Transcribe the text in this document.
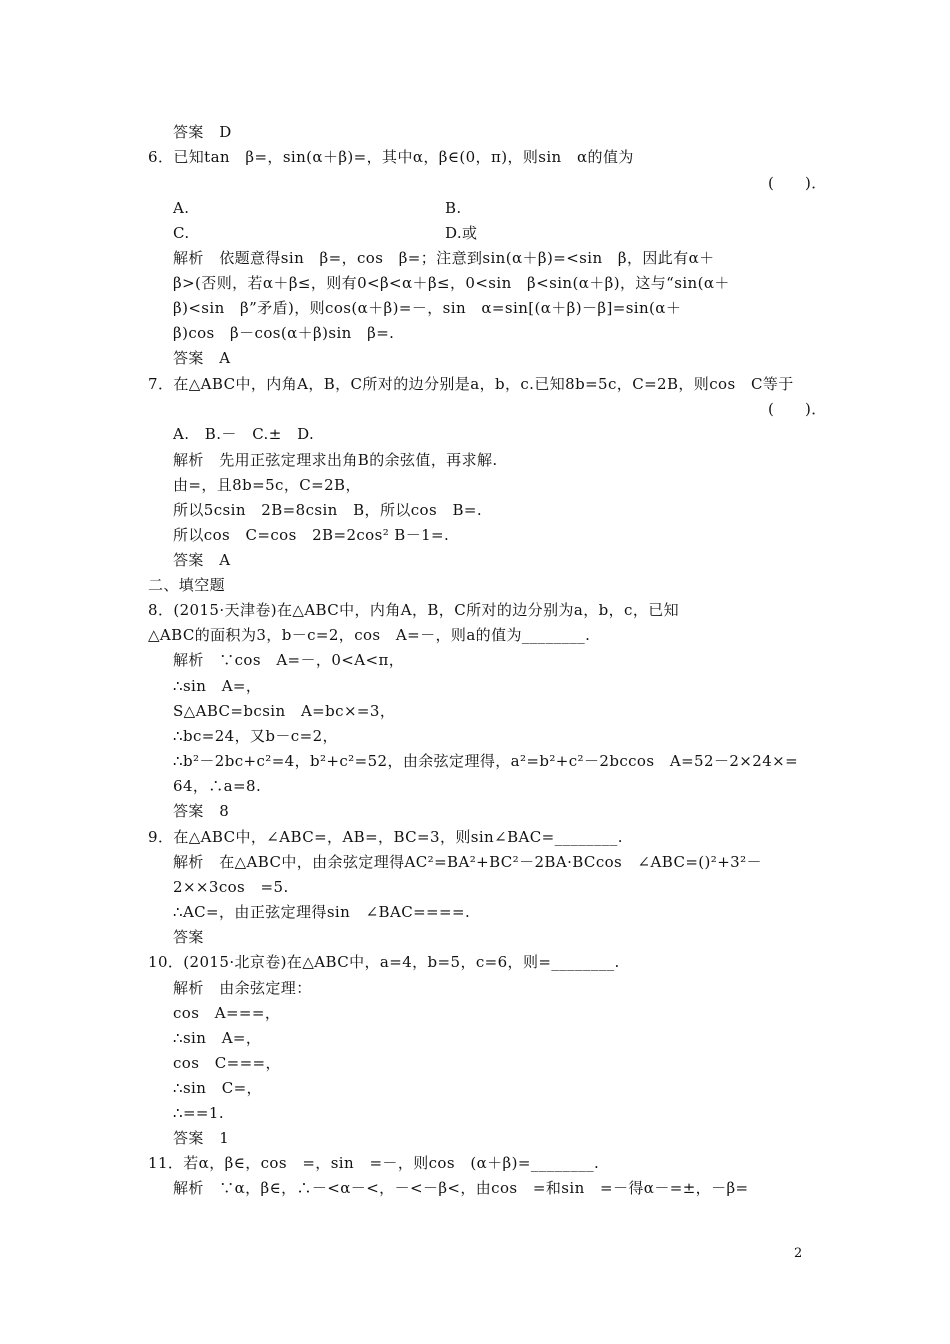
答案　D
6．已知tan　β=，sin(α＋β)=，其中α，β∈(0，π)，则sin　α的值为
(　　)．
A.	B.
C.	D.或
解析　依题意得sin　β=，cos　β=；注意到sin(α＋β)=<sin　β，因此有α＋
β>(否则，若α＋β≤，则有0<β<α＋β≤，0<sin　β<sin(α＋β)，这与“sin(α＋
β)<sin　β”矛盾)，则cos(α＋β)=－，sin　α=sin[(α＋β)－β]=sin(α＋
β)cos　β－cos(α＋β)sin　β=.
答案　A
7．在△ABC中，内角A，B，C所对的边分别是a，b，c.已知8b=5c，C=2B，则cos　C等于
(　　)．
A.　B.－　C.±　D.
解析　先用正弦定理求出角B的余弦值，再求解.
由=，且8b=5c，C=2B，
所以5csin　2B=8csin　B，所以cos　B=.
所以cos　C=cos　2B=2cos² B－1=.
答案　A
二、填空题
8．(2015·天津卷)在△ABC中，内角A，B，C所对的边分别为a，b，c，已知
△ABC的面积为3，b－c=2，cos　A=－，则a的值为________.
解析　∵cos　A=－，0<A<π，
∴sin　A=，
S△ABC=bcsin　A=bc×=3，
∴bc=24，又b－c=2，
∴b²－2bc+c²=4，b²+c²=52，由余弦定理得，a²=b²+c²－2bccos　A=52－2×24×=
64，∴a=8.
答案　8
9．在△ABC中，∠ABC=，AB=，BC=3，则sin∠BAC=________.
解析　在△ABC中，由余弦定理得AC²=BA²+BC²－2BA·BCcos　∠ABC=()²+3²－
2××3cos　=5.
∴AC=，由正弦定理得sin　∠BAC====.
答案
10．(2015·北京卷)在△ABC中，a=4，b=5，c=6，则=________.
解析　由余弦定理：
cos　A===，
∴sin　A=，
cos　C===，
∴sin　C=，
∴==1.
答案　1
11．若α，β∈，cos　=，sin　=－，则cos　(α＋β)=________.
解析　∵α，β∈，∴－<α－<，－<－β<，由cos　=和sin　=－得α－=±，－β=
2
